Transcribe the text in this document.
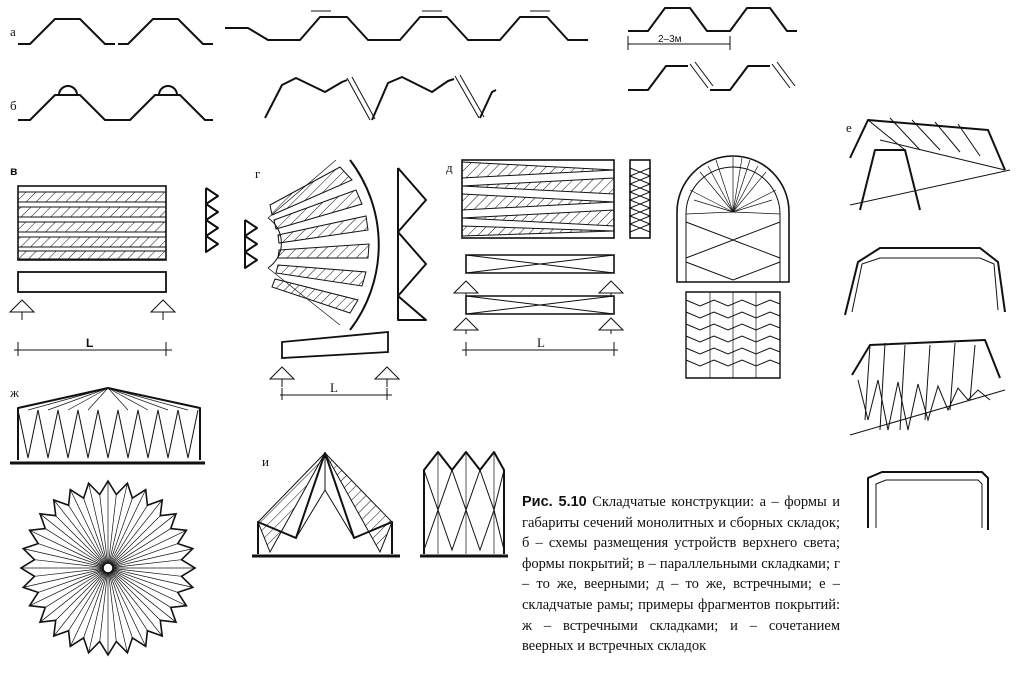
а
2–3м
б
в
L
г
L
д
L
е
ж
и
Рис. 5.10 Складчатые конструкции: а – формы и габариты сечений монолитных и сборных складок; б – схемы размещения устройств верхнего света; формы покрытий; в – параллельными складками; г – то же, веерными; д – то же, встречными; е – складчатые рамы; примеры фрагментов покрытий: ж – встречными складками; и – сочетанием веерных и встречных складок
